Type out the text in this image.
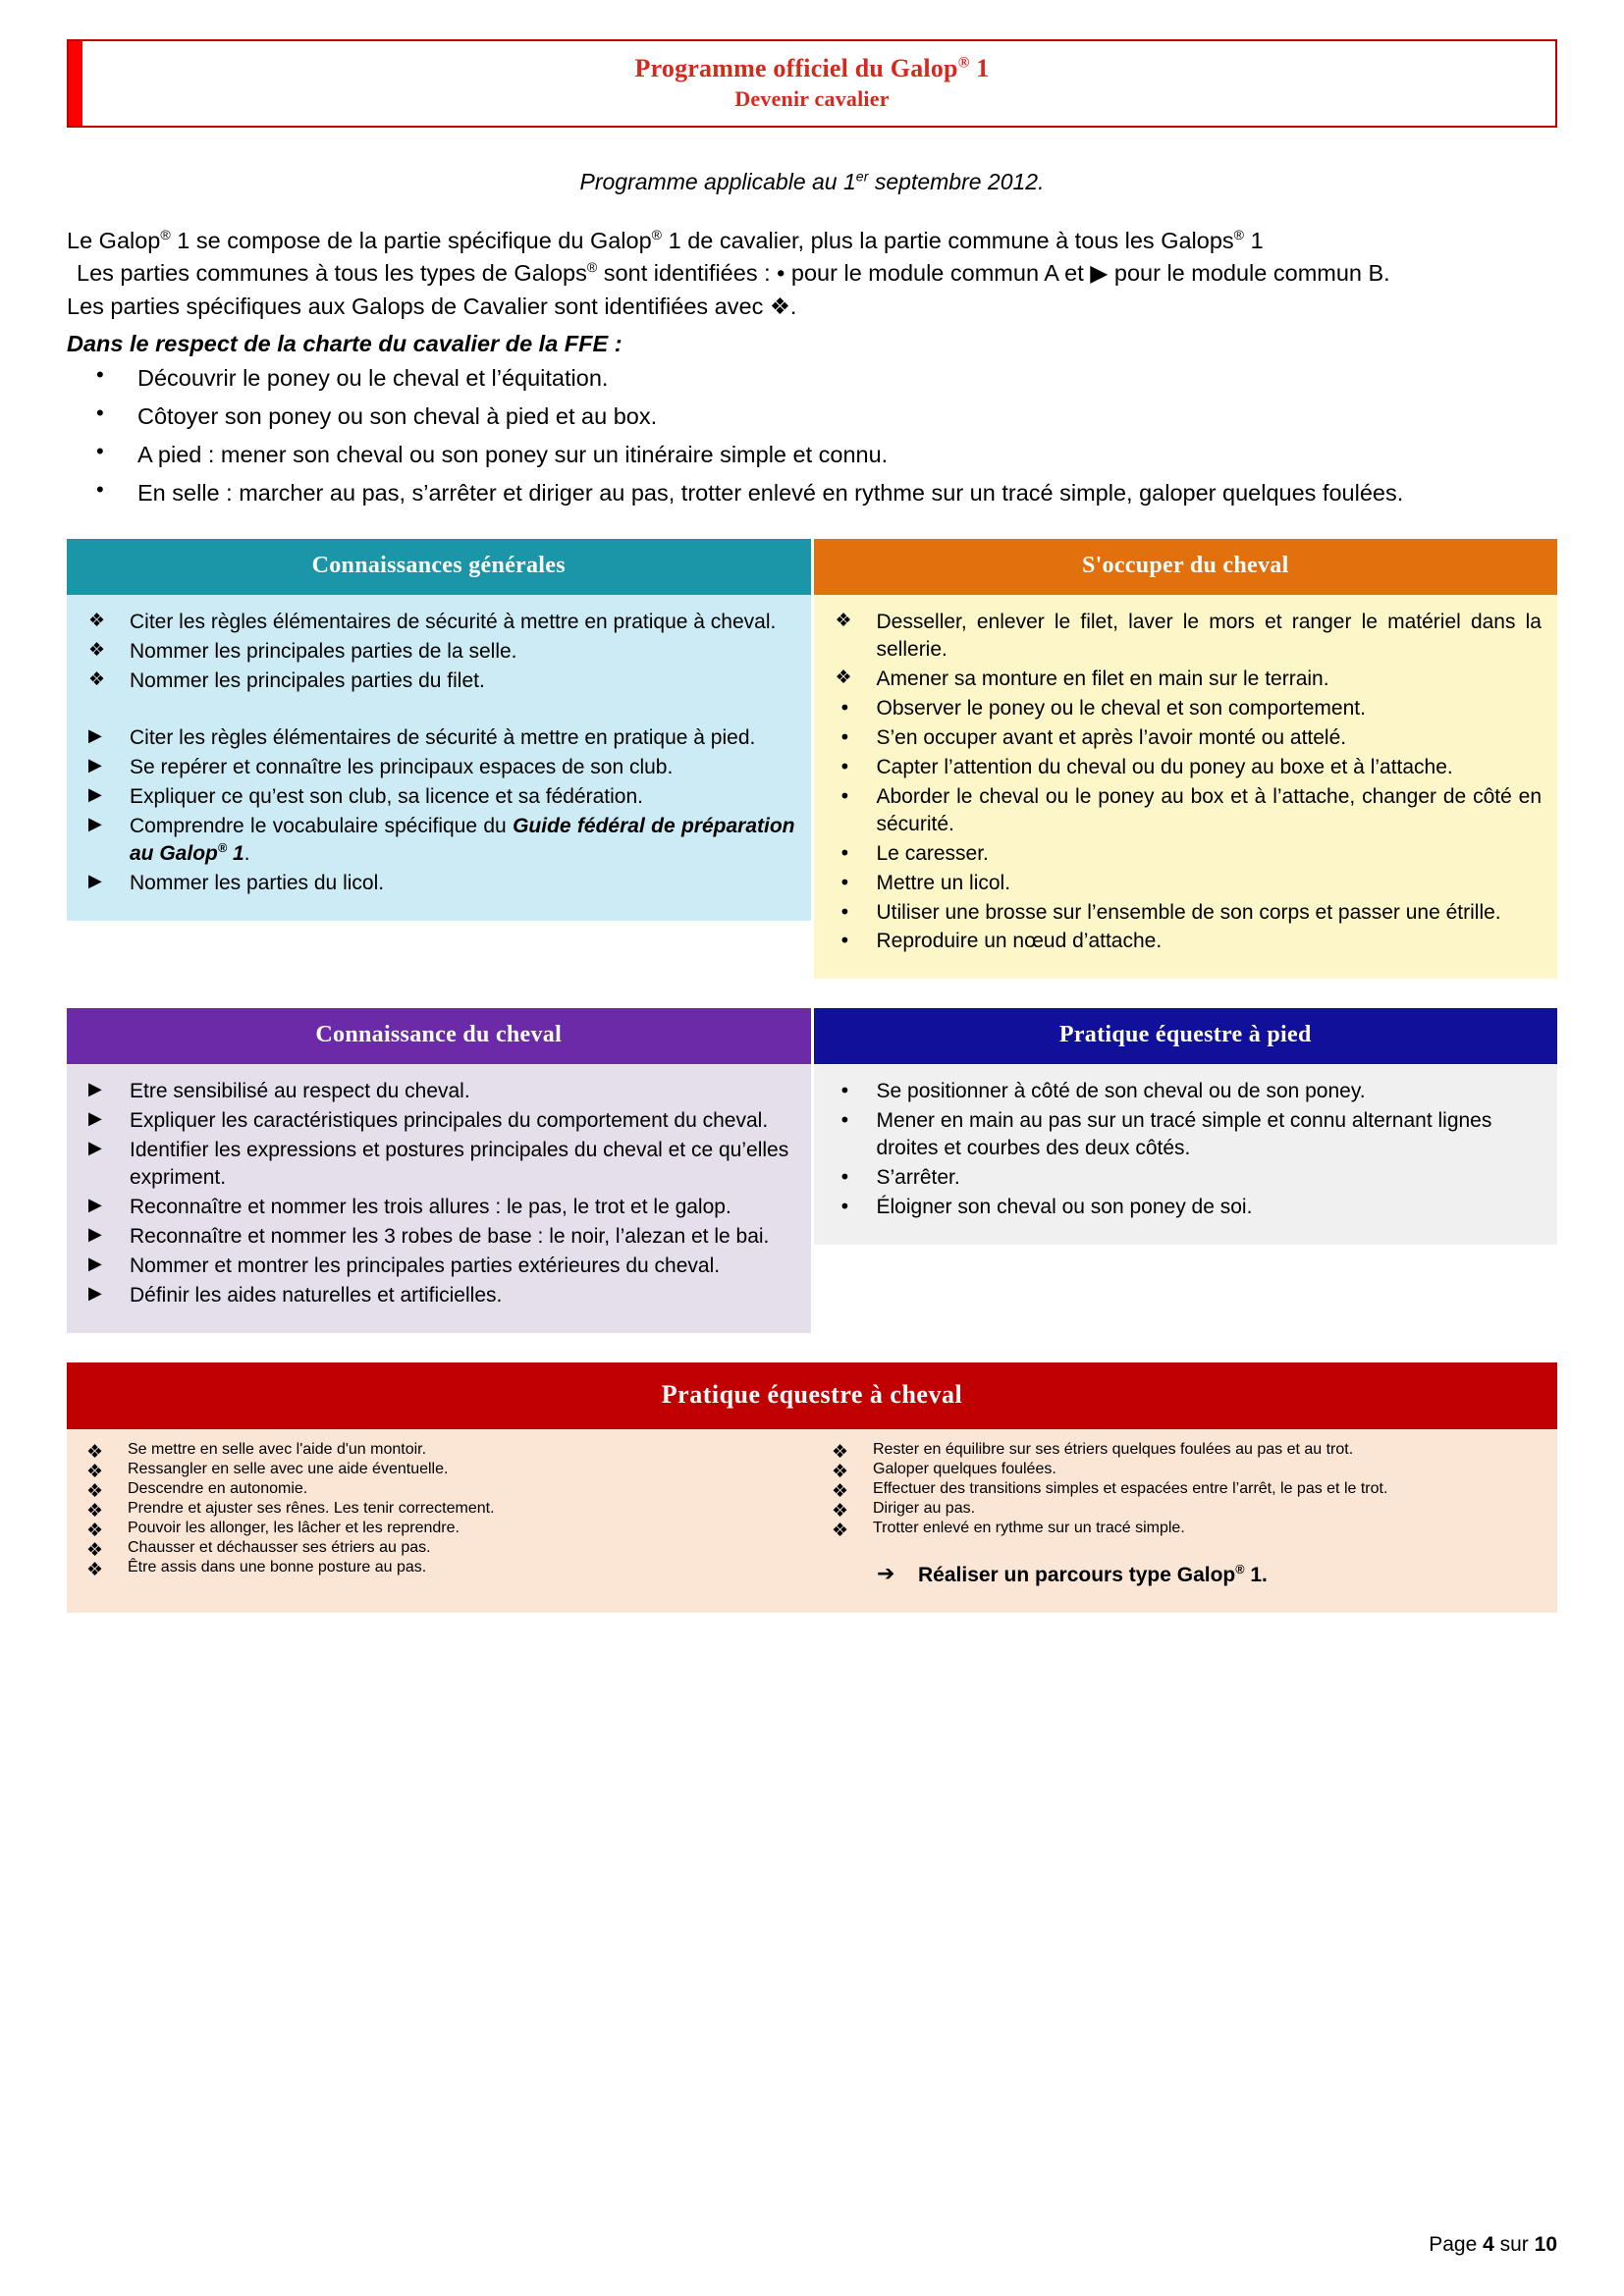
Programme officiel du Galop® 1
Devenir cavalier
Programme applicable au 1er septembre 2012.

Le Galop® 1 se compose de la partie spécifique du Galop® 1 de cavalier, plus la partie commune à tous les Galops® 1

Les parties communes à tous les types de Galops® sont identifiées : • pour le module commun A et ▶ pour le module commun B.

Les parties spécifiques aux Galops de Cavalier sont identifiées avec ❖.

Dans le respect de la charte du cavalier de la FFE :
• Découvrir le poney ou le cheval et l’équitation.
• Côtoyer son poney ou son cheval à pied et au box.
• A pied : mener son cheval ou son poney sur un itinéraire simple et connu.
• En selle : marcher au pas, s’arrêter et diriger au pas, trotter enlevé en rythme sur un tracé simple, galoper quelques foulées.
Connaissances générales
❖	Citer les règles élémentaires de sécurité à mettre en pratique à cheval.
❖	Nommer les principales parties de la selle.
❖	Nommer les principales parties du filet.
▶	Citer les règles élémentaires de sécurité à mettre en pratique à pied.
▶	Se repérer et connaître les principaux espaces de son club.
▶	Expliquer ce qu’est son club, sa licence et sa fédération.
▶	Comprendre le vocabulaire spécifique du Guide fédéral de préparation au Galop® 1.
▶	Nommer les parties du licol.
S'occuper du cheval
❖	Desseller, enlever le filet, laver le mors et ranger le matériel dans la sellerie.
❖	Amener sa monture en filet en main sur le terrain.
•	Observer le poney ou le cheval et son comportement.
•	S’en occuper avant et après l’avoir monté ou attelé.
•	Capter l’attention du cheval ou du poney au boxe et à l’attache.
•	Aborder le cheval ou le poney au box et à l’attache, changer de côté en sécurité.
•	Le caresser.
•	Mettre un licol.
•	Utiliser une brosse sur l’ensemble de son corps et passer une étrille.
•	Reproduire un nœud d’attache.
Connaissance du cheval
▶	Etre sensibilisé au respect du cheval.
▶	Expliquer les caractéristiques principales du comportement du cheval.
▶	Identifier les expressions et postures principales du cheval et ce qu’elles expriment.
▶	Reconnaître et nommer les trois allures : le pas, le trot et le galop.
▶	Reconnaître et nommer les 3 robes de base : le noir, l’alezan et le bai.
▶	Nommer et montrer les principales parties extérieures du cheval.
▶	Définir les aides naturelles et artificielles.
Pratique équestre à pied
•	Se positionner à côté de son cheval ou de son poney.
•	Mener en main au pas sur un tracé simple et connu alternant lignes droites et courbes des deux côtés.
•	S’arrêter.
•	Éloigner son cheval ou son poney de soi.
Pratique équestre à cheval
❖	Se mettre en selle avec l'aide d'un montoir.
❖	Ressangler en selle avec une aide éventuelle.
❖	Descendre en autonomie.
❖	Prendre et ajuster ses rênes. Les tenir correctement.
❖	Pouvoir les allonger, les lâcher et les reprendre.
❖	Chausser et déchausser ses étriers au pas.
❖	Être assis dans une bonne posture au pas.
❖	Rester en équilibre sur ses étriers quelques foulées au pas et au trot.
❖	Galoper quelques foulées.
❖	Effectuer des transitions simples et espacées entre l’arrêt, le pas et le trot.
❖	Diriger au pas.
❖	Trotter enlevé en rythme sur un tracé simple.
➔ Réaliser un parcours type Galop® 1.
Page 4 sur 10
